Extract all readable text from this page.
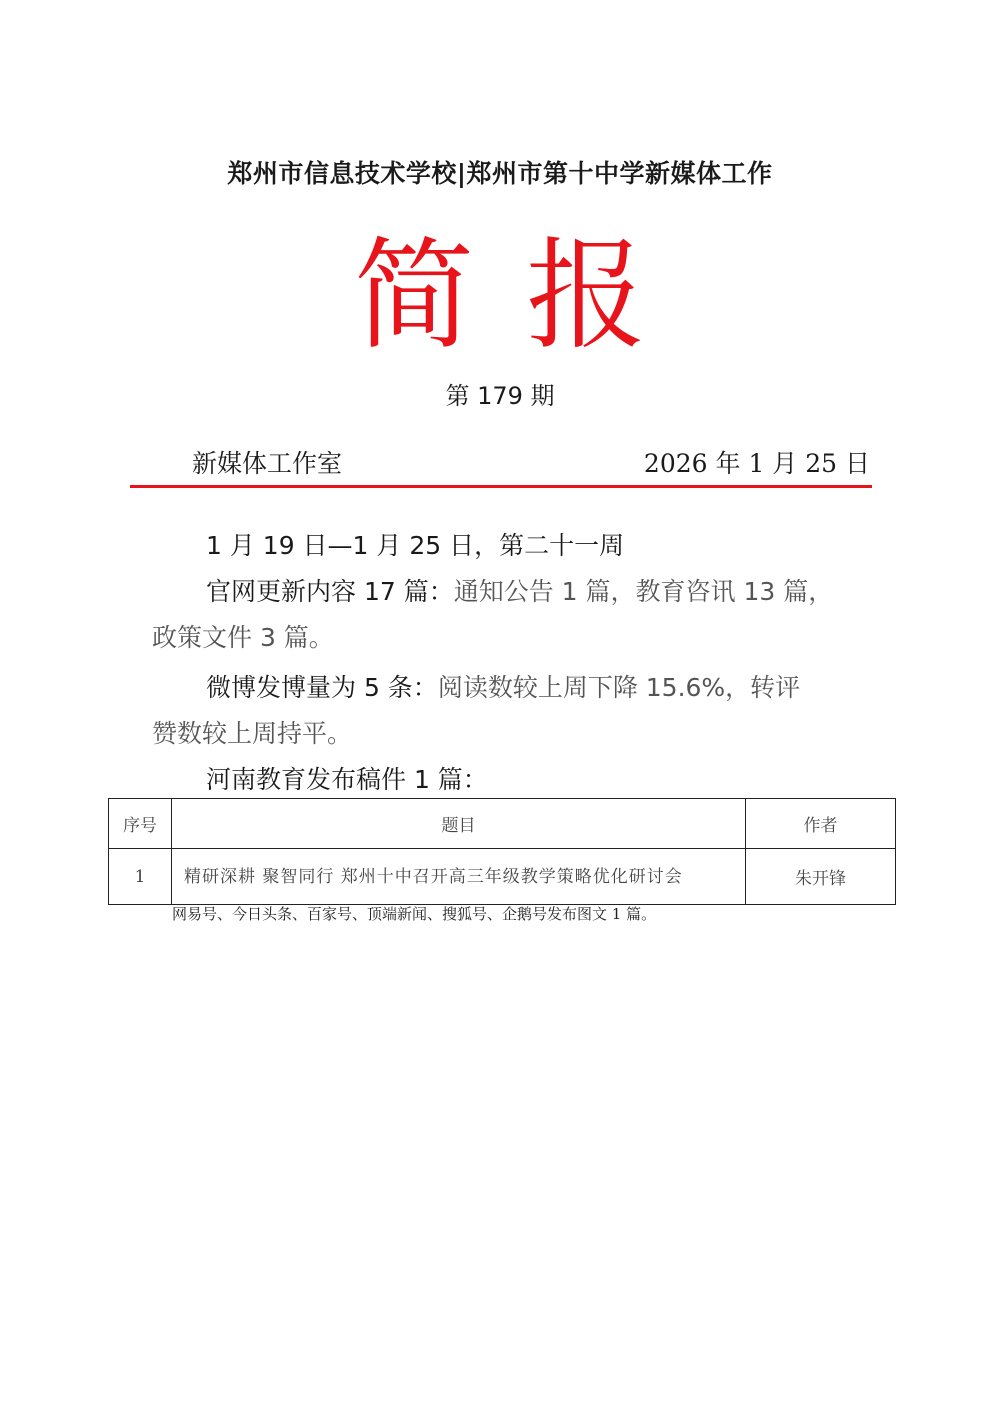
郑州市信息技术学校|郑州市第十中学新媒体工作
简报
第 179 期
新媒体工作室	2026 年 1 月 25 日
1 月 19 日—1 月 25 日，第二十一周
官网更新内容 17 篇：通知公告 1 篇，教育咨讯 13 篇，
政策文件 3 篇。
微博发博量为 5 条：阅读数较上周下降 15.6%，转评
赞数较上周持平。
河南教育发布稿件 1 篇：
序号	题目	作者
1	精研深耕 聚智同行 郑州十中召开高三年级教学策略优化研讨会	朱开锋
网易号、今日头条、百家号、顶端新闻、搜狐号、企鹅号发布图文 1 篇。
